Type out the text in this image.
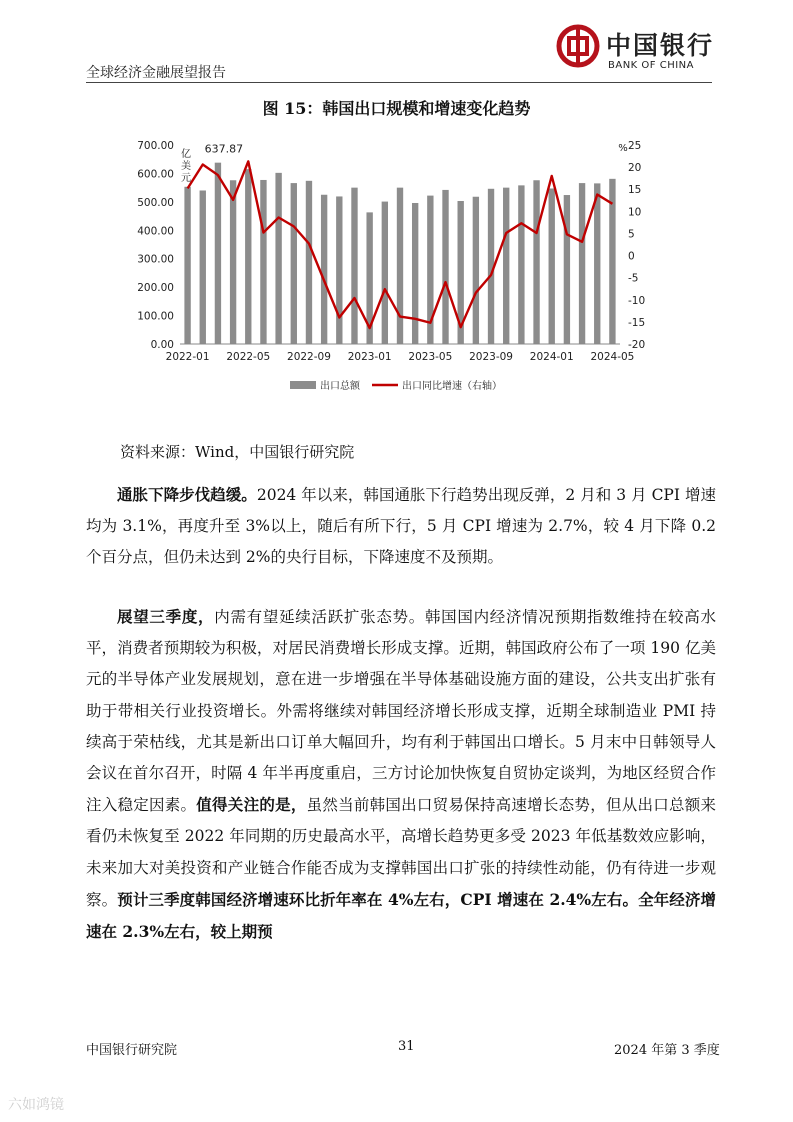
全球经济金融展望报告
中国银行
BANK OF CHINA
图 15：韩国出口规模和增速变化趋势
0.00
100.00
200.00
300.00
400.00
500.00
600.00
700.00	25
20
15
10
5
0
-5
-10
-15
-20
亿
美
元
%
637.87
2022-01 2022-05 2022-09 2023-01 2023-05 2023-09 2024-01 2024-05
出口总额	出口同比增速（右轴）
资料来源：Wind，中国银行研究院
通胀下降步伐趋缓。2024 年以来，韩国通胀下行趋势出现反弹，2 月和 3 月 CPI 增速均为 3.1%，再度升至 3%以上，随后有所下行，5 月 CPI 增速为 2.7%，较 4 月下降 0.2 个百分点，但仍未达到 2%的央行目标，下降速度不及预期。
展望三季度，内需有望延续活跃扩张态势。韩国国内经济情况预期指数维持在较高水平，消费者预期较为积极，对居民消费增长形成支撑。近期，韩国政府公布了一项 190 亿美元的半导体产业发展规划，意在进一步增强在半导体基础设施方面的建设，公共支出扩张有助于带相关行业投资增长。外需将继续对韩国经济增长形成支撑，近期全球制造业 PMI 持续高于荣枯线，尤其是新出口订单大幅回升，均有利于韩国出口增长。5 月末中日韩领导人会议在首尔召开，时隔 4 年半再度重启，三方讨论加快恢复自贸协定谈判，为地区经贸合作注入稳定因素。值得关注的是，虽然当前韩国出口贸易保持高速增长态势，但从出口总额来看仍未恢复至 2022 年同期的历史最高水平，高增长趋势更多受 2023 年低基数效应影响，未来加大对美投资和产业链合作能否成为支撑韩国出口扩张的持续性动能，仍有待进一步观察。预计三季度韩国经济增速环比折年率在 4%左右，CPI 增速在 2.4%左右。全年经济增速在 2.3%左右，较上期预
中国银行研究院	31	2024 年第 3 季度
六如鸿镜
